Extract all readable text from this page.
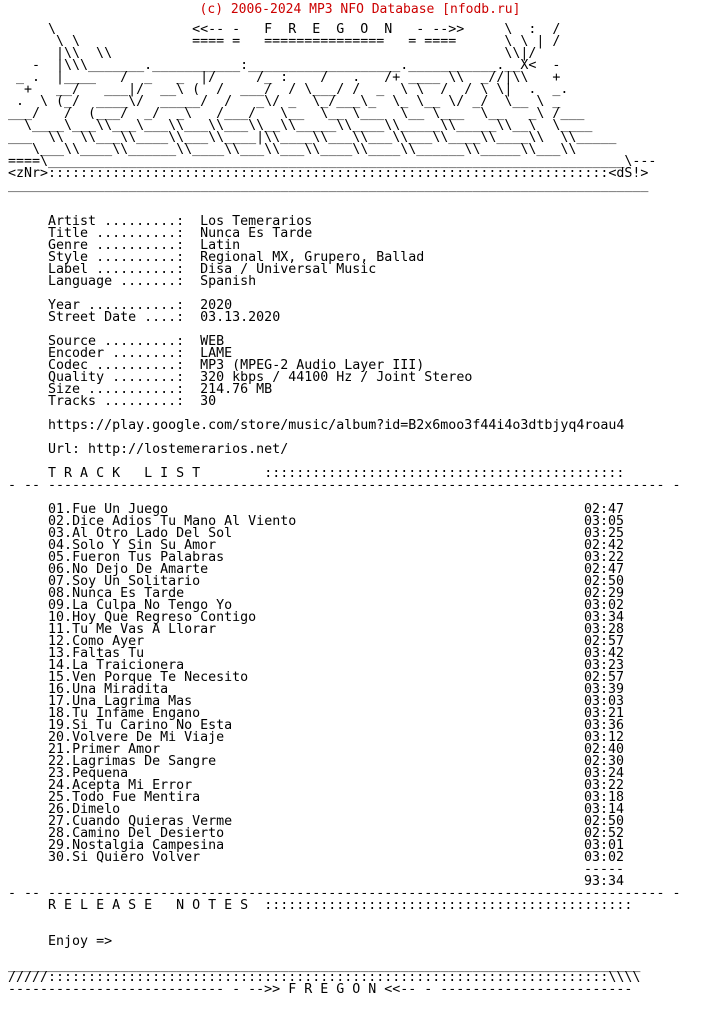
(c) 2006-2024 MP3 NFO Database [nfodb.ru]
\                 <<-- -   F  R  E  G  O  N   - -->>     \  :  /
\ \              ==== =   ===============   = ====      \ \ | /
|\\  \\                                                 \\|/
-  |\\\_______.___________:___________________.___________.__X<  -
_ .  |____   /  _   _  |/     /_ :    /   .   /+ ____ \\  _//|\\   +
+   __/   ___|/  __\ (  /  ___/  / \___/ /  _  \ \  /  / \ \|  .  _.
.  \ (_/  ____\/  _____/  /   _\/ _  \_/___\_  \_ \__ \/ _/  \__ \ _
___/   /  (___/  _/  _\   /___/   \__  \__ \___  \__ \___  \__   _\ /___
\____\___\\___\___\\___\\___\\__\\_____\\____\\_____\\_____\\__\  \____
___  \\  \\___\\____\\___\\____|\\____\\___\\___\\___\\____\\____\\  \\_____
\___\\____\\______\\____\\___\\___\\____\\____\\______\\_____\\___\\
====\________________________________________________________________________\---
<zNr>::::::::::::::::::::::::::::::::::::::::::::::::::::::::::::::::::::::<dS!>
________________________________________________________________________________
Artist .........: Los Temerarios
Title ..........: Nunca Es Tarde
Genre ..........: Latin
Style ..........: Regional MX, Grupero, Ballad
Label ..........: Disa / Universal Music
Language .......: Spanish
Year ...........: 2020
Street Date ....: 03.13.2020
Source .........: WEB
Encoder ........: LAME
Codec ..........: MP3 (MPEG-2 Audio Layer III)
Quality ........: 320 kbps / 44100 Hz / Joint Stereo
Size ...........: 214.76 MB
Tracks .........: 30
https://play.google.com/store/music/album?id=B2x6moo3f44i4o3dtbjyq4roau4
Url: http://lostemerarios.net/
T R A C K   L I S T	:::::::::::::::::::::::::::::::::::::::::::::
- -- ----------------------------------------------------------------------------- -
01.Fue Un Juego	02:47
02.Dice Adios Tu Mano Al Viento	03:05
03.Al Otro Lado Del Sol	03:25
04.Solo Y Sin Su Amor	02:42
05.Fueron Tus Palabras	03:22
06.No Dejo De Amarte	02:47
07.Soy Un Solitario	02:50
08.Nunca Es Tarde	02:29
09.La Culpa No Tengo Yo	03:02
10.Hoy Que Regreso Contigo	03:34
11.Tu Me Vas A Llorar	03:28
12.Como Ayer	02:57
13.Faltas Tu	03:42
14.La Traicionera	03:23
15.Ven Porque Te Necesito	02:57
16.Una Miradita	03:39
17.Una Lagrima Mas	03:03
18.Tu Infame Engano	03:21
19.Si Tu Carino No Esta	03:36
20.Volvere De Mi Viaje	03:12
21.Primer Amor	02:40
22.Lagrimas De Sangre	02:30
23.Pequena	03:24
24.Acepta Mi Error	03:22
25.Todo Fue Mentira	03:18
26.Dimelo	03:14
27.Cuando Quieras Verme	02:50
28.Camino Del Desierto	02:52
29.Nostalgia Campesina	03:01
30.Si Quiero Volver	03:02
-----
93:34
- -- ----------------------------------------------------------------------------- -
R E L E A S E   N O T E S ::::::::::::::::::::::::::::::::::::::::::::::
Enjoy =>
_______________________________________________________________________________
/////::::::::::::::::::::::::::::::::::::::::::::::::::::::::::::::::::::::\\\\
--------------------------- - -->> F R E G O N <<-- - ------------------------
